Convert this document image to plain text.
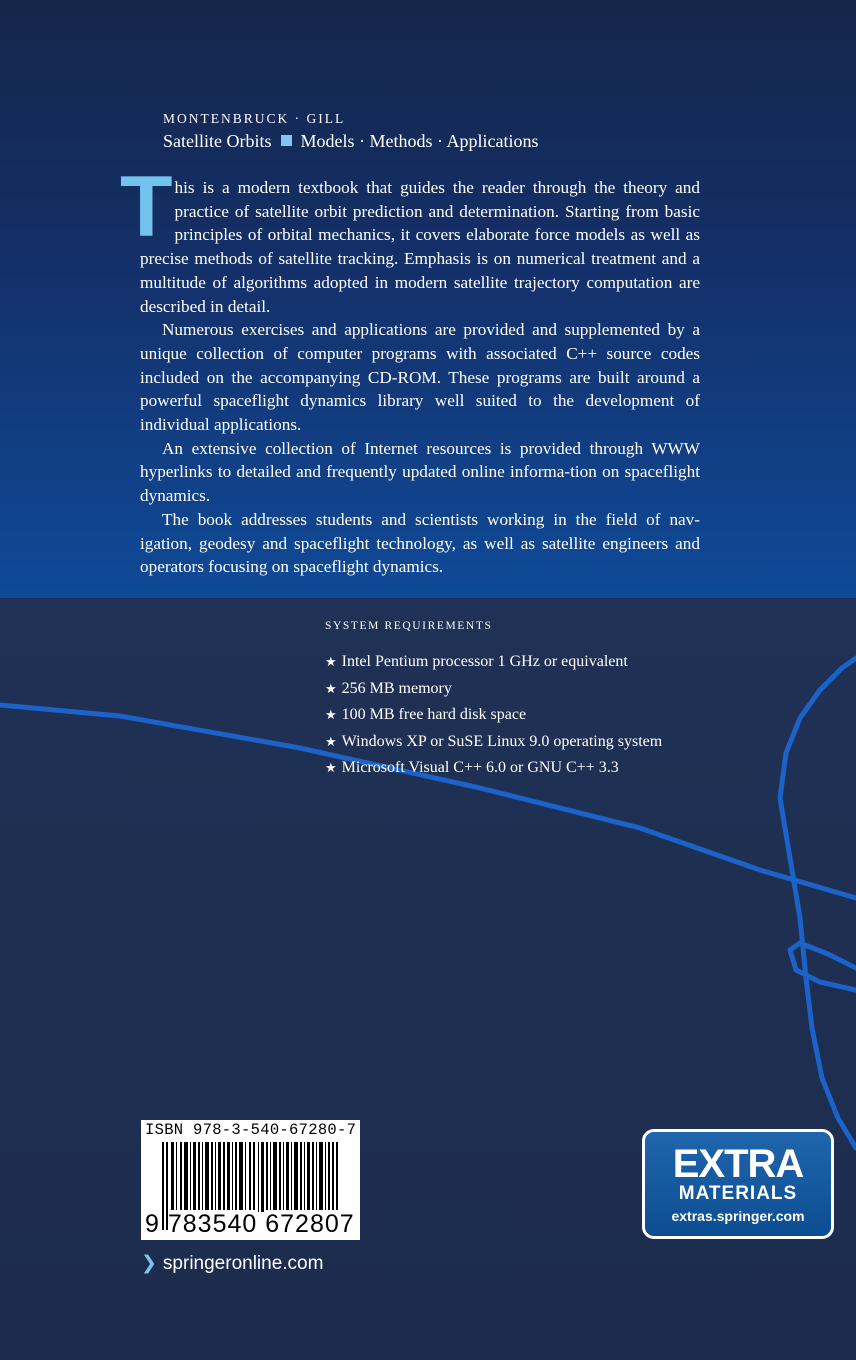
MONTENBRUCK · GILL
Satellite Orbits Models · Methods · Applications

This is a modern textbook that guides the reader through the theory and practice of satellite orbit prediction and determination. Starting from basic principles of orbital mechanics, it covers elaborate force models as well as precise methods of satellite tracking. Emphasis is on numerical treatment and a multitude of algorithms adopted in modern satellite trajectory computation are described in detail.

Numerous exercises and applications are provided and supplemented by a unique collection of computer programs with associated C++ source codes included on the accompanying CD-ROM. These programs are built around a powerful spaceflight dynamics library well suited to the development of individual applications.

An extensive collection of Internet resources is provided through WWW hyperlinks to detailed and frequently updated online informa-tion on spaceflight dynamics.

The book addresses students and scientists working in the field of nav-igation, geodesy and spaceflight technology, as well as satellite engineers and operators focusing on spaceflight dynamics.

SYSTEM REQUIREMENTS
★ Intel Pentium processor 1 GHz or equivalent
★ 256 MB memory
★ 100 MB free hard disk space
★ Windows XP or SuSE Linux 9.0 operating system
★ Microsoft Visual C++ 6.0 or GNU C++ 3.3
ISBN 978-3-540-67280-7
9 783540 672807
❯ springeronline.com
EXTRA
MATERIALS
extras.springer.com
